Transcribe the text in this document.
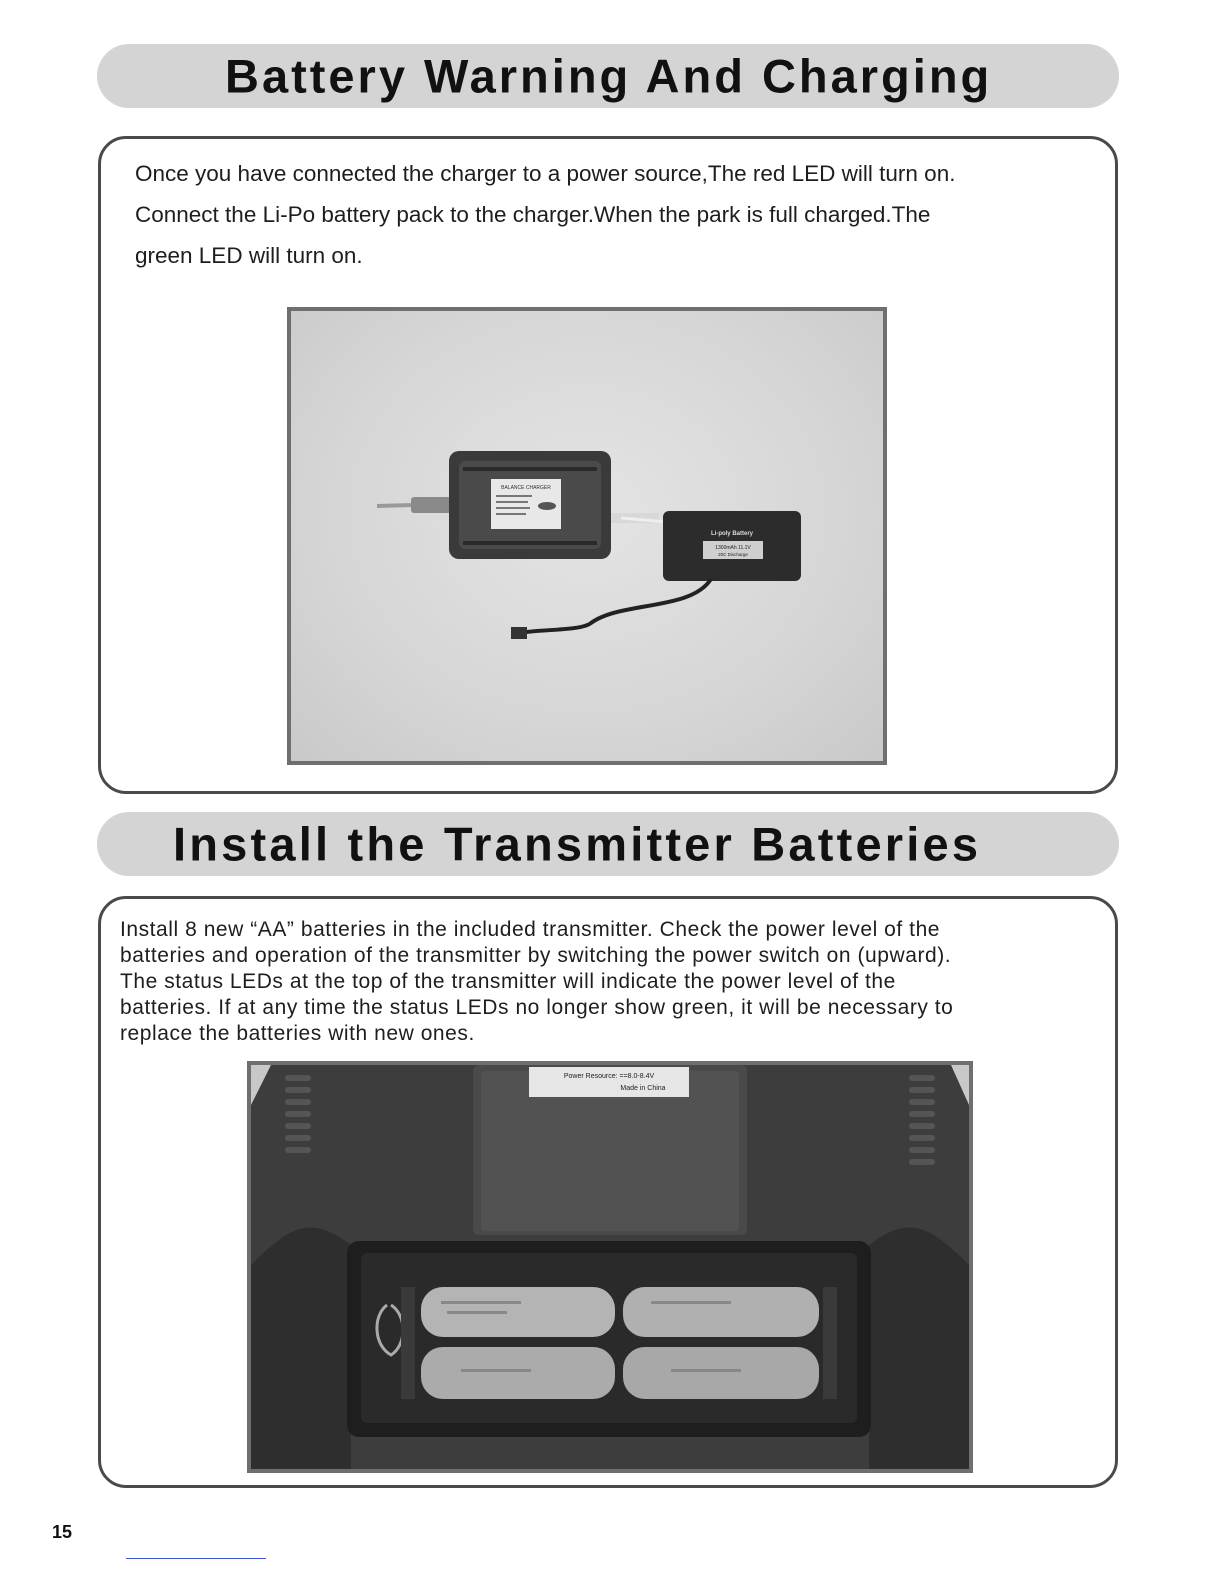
Battery Warning And Charging
Once you have connected the charger to a power source,The red LED will turn on.
Connect the Li-Po battery pack to the charger.When the park is full charged.The
green LED will turn on.
BALANCE CHARGER
Li-poly Battery
1300mAh 11.1V
20C Discharge
Install the Transmitter Batteries
Install 8 new “AA” batteries in the included transmitter. Check the power level of the
batteries and operation of the transmitter by switching the power switch on (upward).
The status LEDs at the top of the transmitter will indicate the power level of the
batteries. If at any time the status LEDs no longer show green, it will be necessary to
replace the batteries with new ones.
Power Resource: ==8.0-8.4V
Made in China
15
